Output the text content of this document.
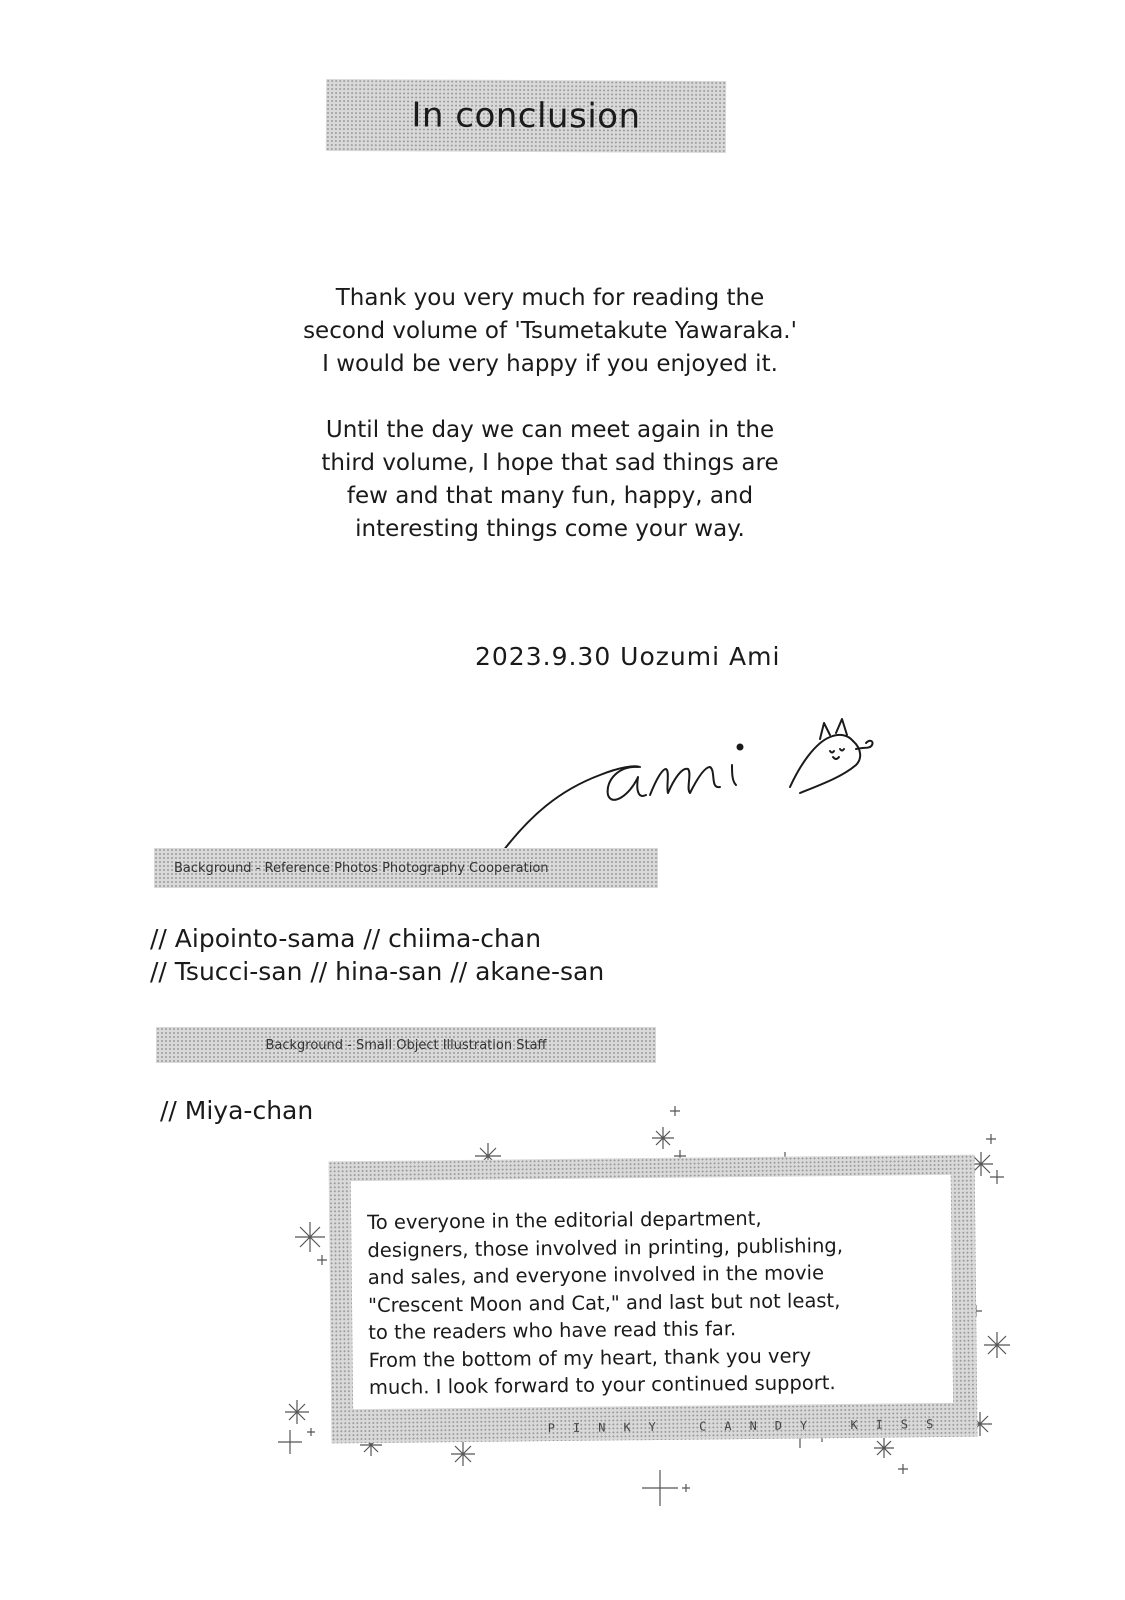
In conclusion

Thank you very much for reading the
second volume of 'Tsumetakute Yawaraka.'
I would be very happy if you enjoyed it.

Until the day we can meet again in the
third volume, I hope that sad things are
few and that many fun, happy, and
interesting things come your way.

2023.9.30 Uozumi Ami
Background - Reference Photos Photography Cooperation
// Aipointo-sama // chiima-chan
// Tsucci-san // hina-san // akane-san
Background - Small Object Illustration Staff
// Miya-chan

To everyone in the editorial department,

designers, those involved in printing, publishing,

and sales, and everyone involved in the movie

"Crescent Moon and Cat," and last but not least,

to the readers who have read this far.

From the bottom of my heart, thank you very

much. I look forward to your continued support.

PINKY CANDY KISS
